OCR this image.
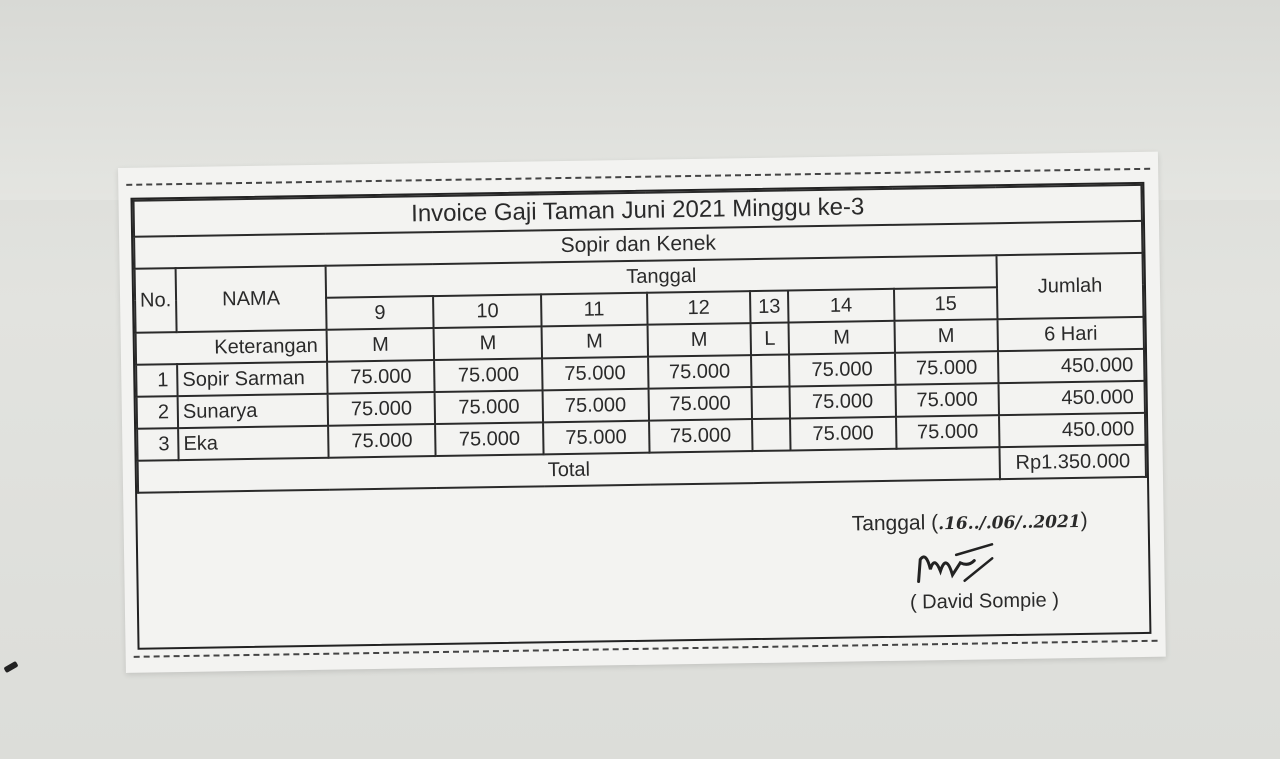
Invoice Gaji Taman Juni 2021 Minggu ke-3									
Sopir dan Kenek									
No.	NAMA	Tanggal							Jumlah
		9	10	11	12	13	14	15	
Keterangan		M	M	M	M	L	M	M	6 Hari
1	Sopir Sarman	75.000	75.000	75.000	75.000		75.000	75.000	450.000
2	Sunarya	75.000	75.000	75.000	75.000		75.000	75.000	450.000
3	Eka	75.000	75.000	75.000	75.000		75.000	75.000	450.000
Total									Rp1.350.000
Tanggal (.16../.06/..2021)
( David Sompie )
